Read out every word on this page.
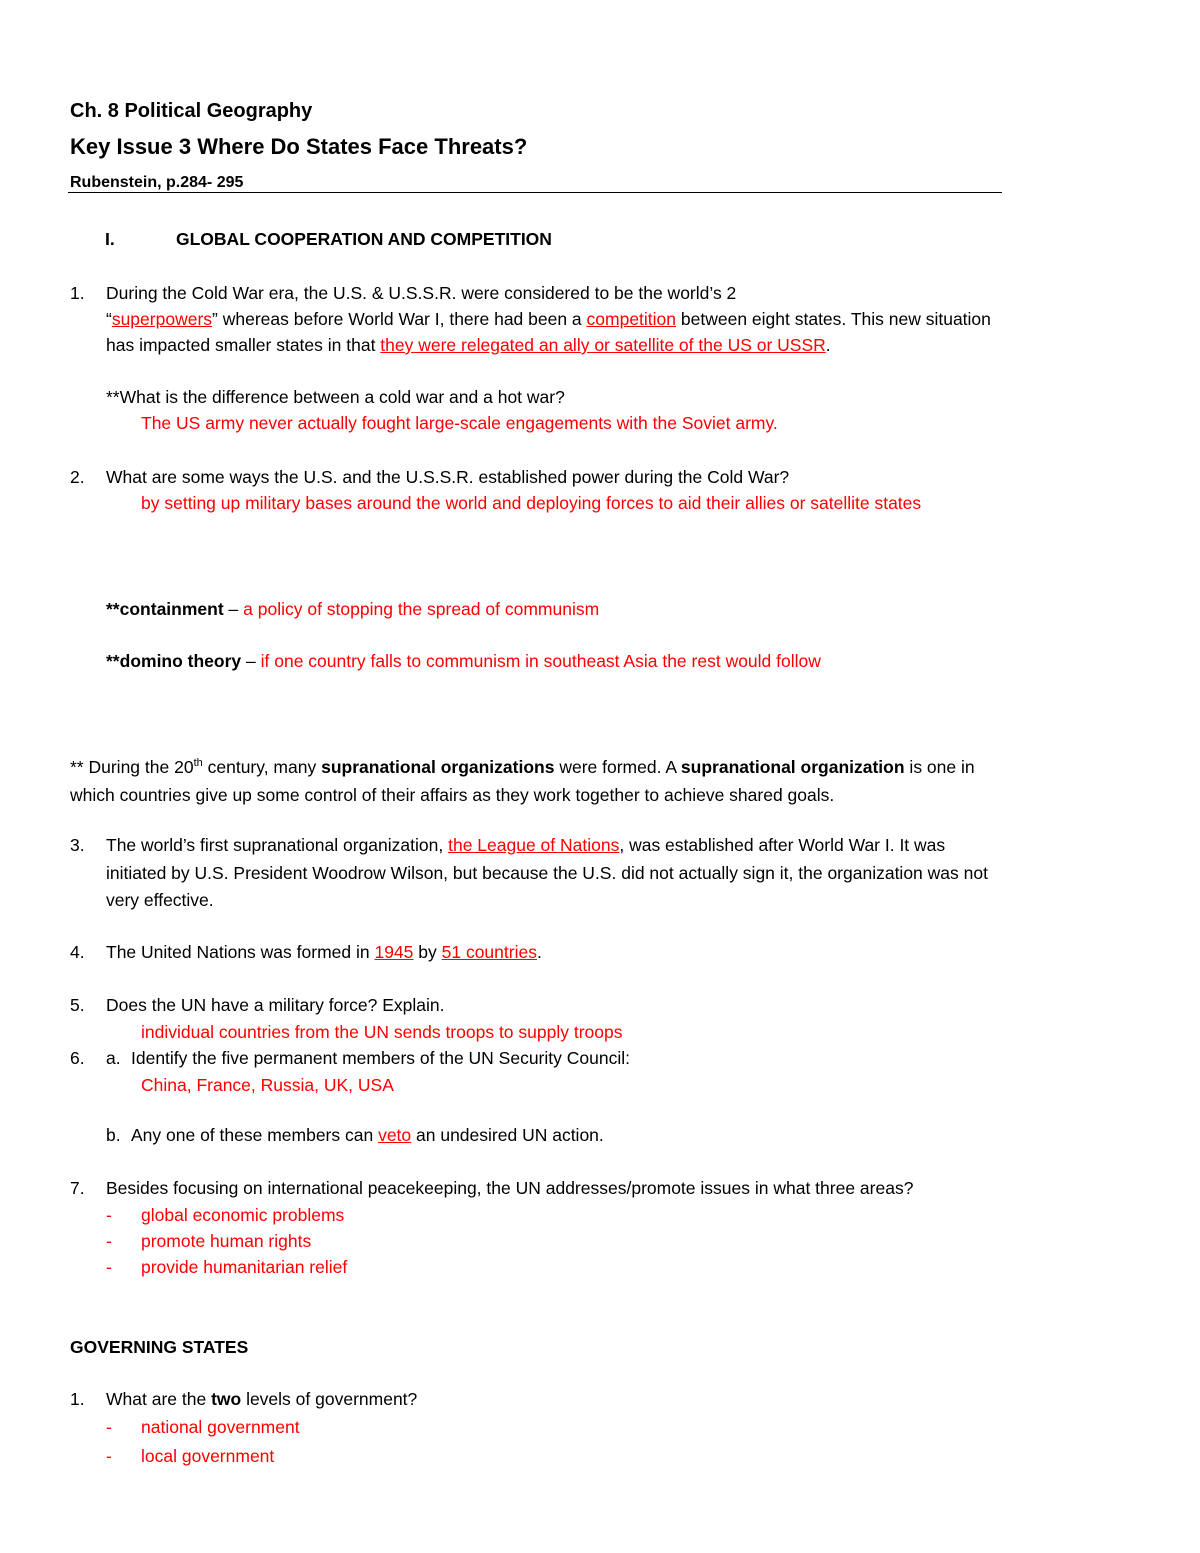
Ch. 8 Political Geography
Key Issue 3 Where Do States Face Threats?
Rubenstein, p.284- 295
I.	GLOBAL COOPERATION AND COMPETITION
1. During the Cold War era, the U.S. & U.S.S.R. were considered to be the world’s 2
“superpowers” whereas before World War I, there had been a competition between eight states. This new situation
has impacted smaller states in that they were relegated an ally or satellite of the US or USSR.
**What is the difference between a cold war and a hot war?
The US army never actually fought large-scale engagements with the Soviet army.
2. What are some ways the U.S. and the U.S.S.R. established power during the Cold War?
by setting up military bases around the world and deploying forces to aid their allies or satellite states
**containment – a policy of stopping the spread of communism
**domino theory – if one country falls to communism in southeast Asia the rest would follow
** During the 20th century, many supranational organizations were formed. A supranational organization is one in
which countries give up some control of their affairs as they work together to achieve shared goals.
3. The world’s first supranational organization, the League of Nations, was established after World War I. It was
initiated by U.S. President Woodrow Wilson, but because the U.S. did not actually sign it, the organization was not
very effective.
4. The United Nations was formed in 1945 by 51 countries.
5. Does the UN have a military force? Explain.
individual countries from the UN sends troops to supply troops
6. a. Identify the five permanent members of the UN Security Council:
China, France, Russia, UK, USA
b. Any one of these members can veto an undesired UN action.
7. Besides focusing on international peacekeeping, the UN addresses/promote issues in what three areas?
- global economic problems
- promote human rights
- provide humanitarian relief
GOVERNING STATES
1. What are the two levels of government?
- national government
- local government
